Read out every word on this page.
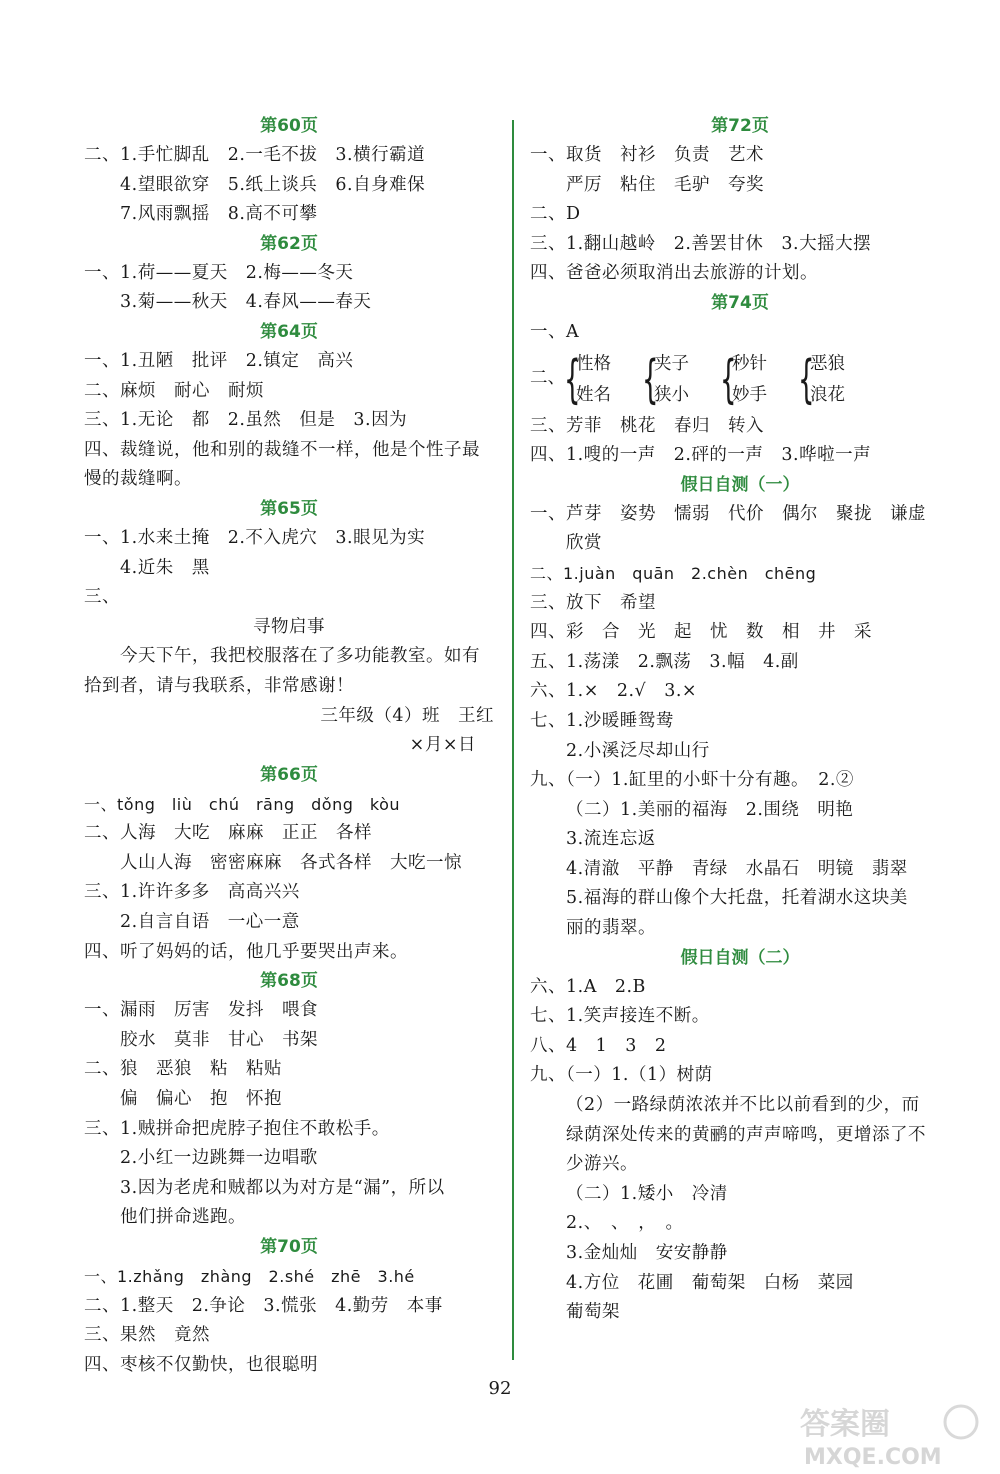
第60页
二、1.手忙脚乱　2.一毛不拔　3.横行霸道
4.望眼欲穿　5.纸上谈兵　6.自身难保
7.风雨飘摇　8.高不可攀
第62页
一、1.荷——夏天　2.梅——冬天
3.菊——秋天　4.春风——春天
第64页
一、1.丑陋　批评　2.镇定　高兴
二、麻烦　耐心　耐烦
三、1.无论　都　2.虽然　但是　3.因为
四、裁缝说，他和别的裁缝不一样，他是个性子最
慢的裁缝啊。
第65页
一、1.水来土掩　2.不入虎穴　3.眼见为实
4.近朱　黑
三、
寻物启事
今天下午，我把校服落在了多功能教室。如有
拾到者，请与我联系，非常感谢！
三年级（4）班　王红
×月×日　
第66页
一、tǒng　liù　chú　rāng　dǒng　kòu
二、人海　大吃　麻麻　正正　各样
人山人海　密密麻麻　各式各样　大吃一惊
三、1.许许多多　高高兴兴
2.自言自语　一心一意
四、听了妈妈的话，他几乎要哭出声来。
第68页
一、漏雨　厉害　发抖　喂食
胶水　莫非　甘心　书架
二、狼　恶狼　粘　粘贴
偏　偏心　抱　怀抱
三、1.贼拼命把虎脖子抱住不敢松手。
2.小红一边跳舞一边唱歌
3.因为老虎和贼都以为对方是“漏”，所以
他们拼命逃跑。
第70页
一、1.zhǎng　zhàng　2.shé　zhē　3.hé
二、1.整天　2.争论　3.慌张　4.勤劳　本事
三、果然　竟然
四、枣核不仅勤快，也很聪明
第72页
一、取货　衬衫　负责　艺术
严厉　粘住　毛驴　夸奖
二、D
三、1.翻山越岭　2.善罢甘休　3.大摇大摆
四、爸爸必须取消出去旅游的计划。
第74页
一、A
二、 {
性格
姓名 {
夹子
狭小 {
秒针
妙手 {
恶狼
浪花
三、芳菲　桃花　春归　转入
四、1.嗖的一声　2.砰的一声　3.哗啦一声
假日自测（一）
一、芦芽　姿势　懦弱　代价　偶尔　聚拢　谦虚
欣赏
二、1.juàn　quān　2.chèn　chēng
三、放下　希望
四、彩　合　光　起　忧　数　相　井　采
五、1.荡漾　2.飘荡　3.幅　4.副
六、1.×　2.√　3.×
七、1.沙暖睡鸳鸯
2.小溪泛尽却山行
九、（一）1.缸里的小虾十分有趣。　2.②
（二）1.美丽的福海　2.围绕　明艳
3.流连忘返
4.清澈　平静　青绿　水晶石　明镜　翡翠
5.福海的群山像个大托盘，托着湖水这块美
丽的翡翠。
假日自测（二）
六、1.A　2.B
七、1.笑声接连不断。
八、4　1　3　2
九、（一）1.（1）树荫
（2）一路绿荫浓浓并不比以前看到的少，而
绿荫深处传来的黄鹂的声声啼鸣，更增添了不
少游兴。
（二）1.矮小　冷清
2.、　、　，　。
3.金灿灿　安安静静
4.方位　花圃　葡萄架　白杨　菜园
葡萄架
92
答案圈
MXQE.COM
